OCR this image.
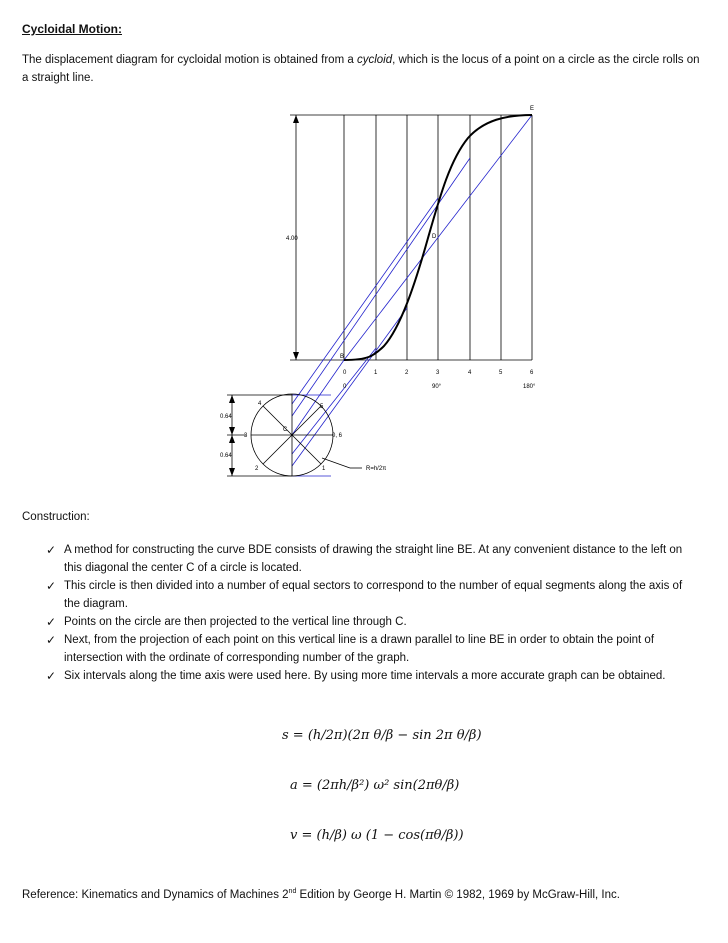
Cycloidal Motion:
The displacement diagram for cycloidal motion is obtained from a cycloid, which is the locus of a point on a circle as the circle rolls on a straight line.
E
D
B
C
4.00
0	1	2	3	4	5	6
0	90°	180°
0.64
0.64
1
2
3
4	5
0, 6
R=h/2π
Construction:
✓ A method for constructing the curve BDE consists of drawing the straight line BE. At any convenient distance to the left on this diagonal the center C of a circle is located.
✓ This circle is then divided into a number of equal sectors to correspond to the number of equal segments along the axis of the diagram.
✓ Points on the circle are then projected to the vertical line through C.
✓ Next, from the projection of each point on this vertical line is a drawn parallel to line BE in order to obtain the point of intersection with the ordinate of corresponding number of the graph.
✓ Six intervals along the time axis were used here. By using more time intervals a more accurate graph can be obtained.
s = (h/2π)(2π θ/β − sin 2π θ/β)
a = (2πh/β²) ω² sin(2πθ/β)
v = (h/β) ω (1 − cos(πθ/β))
Reference: Kinematics and Dynamics of Machines 2nd Edition by George H. Martin © 1982, 1969 by McGraw-Hill, Inc.
